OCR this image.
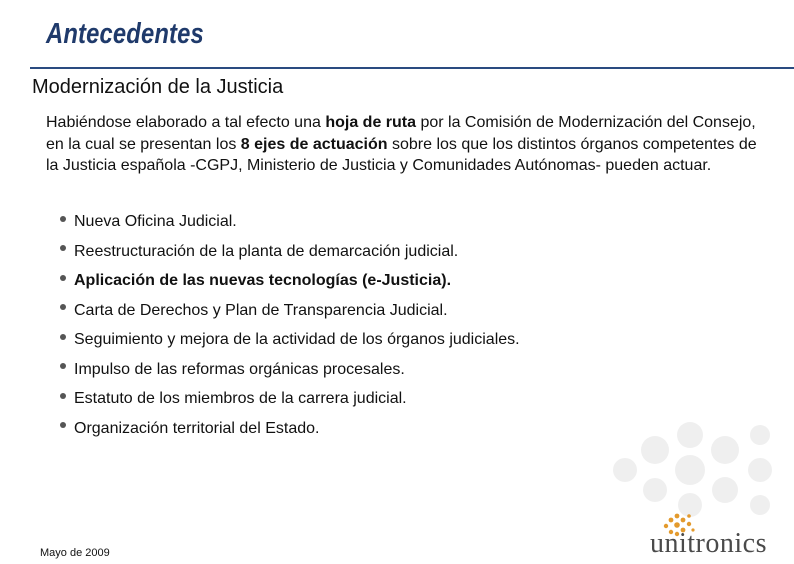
Antecedentes
Modernización de la Justicia
Habiéndose elaborado a tal efecto una hoja de ruta por la Comisión de Modernización del Consejo, en la cual se presentan los 8 ejes de actuación sobre los que los distintos órganos competentes de la Justicia española -CGPJ, Ministerio de Justicia y Comunidades Autónomas- pueden actuar.
Nueva Oficina Judicial.
Reestructuración de la planta de demarcación judicial.
Aplicación de las nuevas tecnologías (e-Justicia).
Carta de Derechos y Plan de Transparencia Judicial.
Seguimiento y mejora de la actividad de los órganos judiciales.
Impulso de las reformas orgánicas procesales.
Estatuto de los miembros de la carrera judicial.
Organización territorial del Estado.
Mayo de 2009	unitronics
